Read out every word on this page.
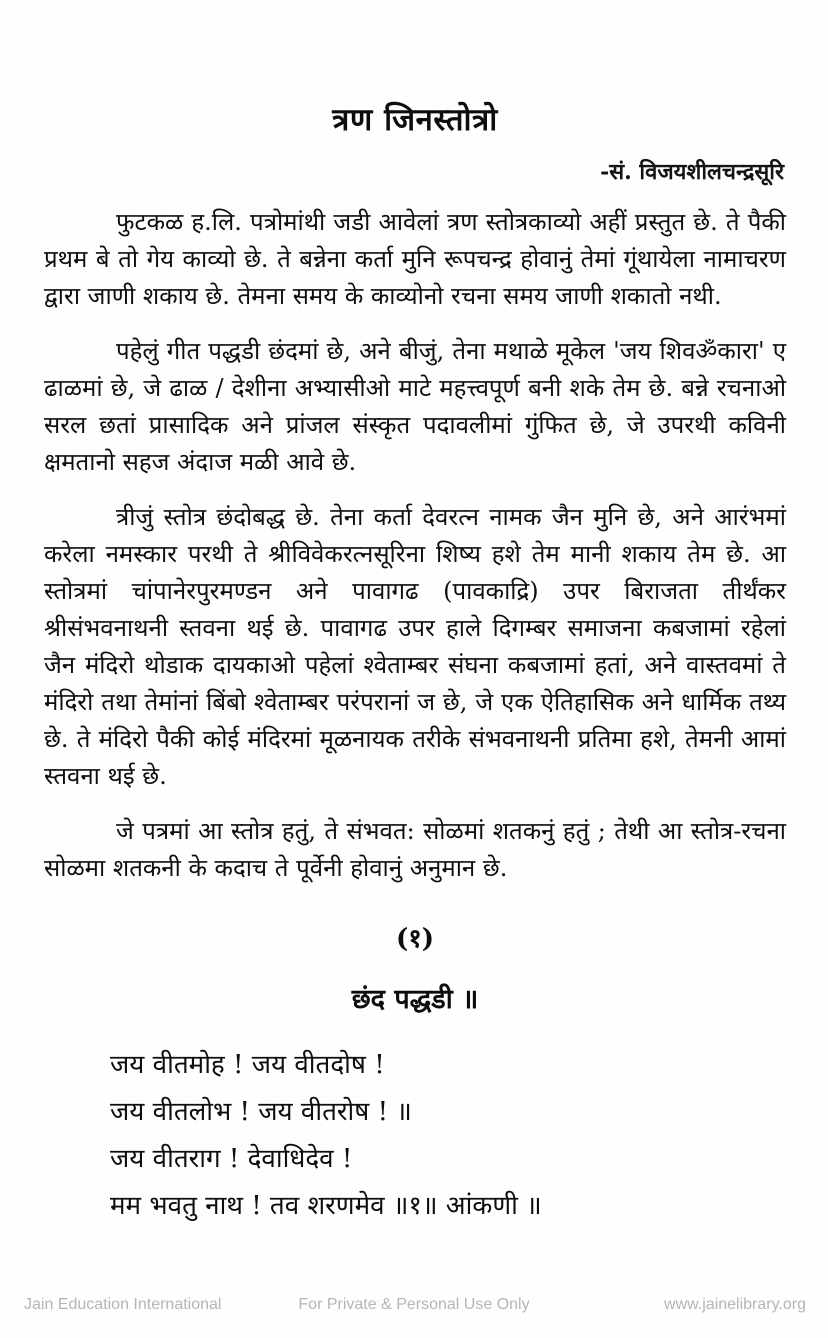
त्रण जिनस्तोत्रो
-सं. विजयशीलचन्द्रसूरि

फुटकळ ह.लि. पत्रोमांथी जडी आवेलां त्रण स्तोत्रकाव्यो अहीं प्रस्तुत छे. ते पैकी प्रथम बे तो गेय काव्यो छे. ते बन्नेना कर्ता मुनि रूपचन्द्र होवानुं तेमां गूंथायेला नामाचरण द्वारा जाणी शकाय छे. तेमना समय के काव्योनो रचना समय जाणी शकातो नथी.

पहेलुं गीत पद्धडी छंदमां छे, अने बीजुं, तेना मथाळे मूकेल 'जय शिवॐकारा' ए ढाळमां छे, जे ढाळ / देशीना अभ्यासीओ माटे महत्त्वपूर्ण बनी शके तेम छे. बन्ने रचनाओ सरल छतां प्रासादिक अने प्रांजल संस्कृत पदावलीमां गुंफित छे, जे उपरथी कविनी क्षमतानो सहज अंदाज मळी आवे छे.

त्रीजुं स्तोत्र छंदोबद्ध छे. तेना कर्ता देवरत्न नामक जैन मुनि छे, अने आरंभमां करेला नमस्कार परथी ते श्रीविवेकरत्नसूरिना शिष्य हशे तेम मानी शकाय तेम छे. आ स्तोत्रमां चांपानेरपुरमण्डन अने पावागढ (पावकाद्रि) उपर बिराजता तीर्थंकर श्रीसंभवनाथनी स्तवना थई छे. पावागढ उपर हाले दिगम्बर समाजना कबजामां रहेलां जैन मंदिरो थोडाक दायकाओ पहेलां श्वेताम्बर संघना कबजामां हतां, अने वास्तवमां ते मंदिरो तथा तेमांनां बिंबो श्वेताम्बर परंपरानां ज छे, जे एक ऐतिहासिक अने धार्मिक तथ्य छे. ते मंदिरो पैकी कोई मंदिरमां मूळनायक तरीके संभवनाथनी प्रतिमा हशे, तेमनी आमां स्तवना थई छे.

जे पत्रमां आ स्तोत्र हतुं, ते संभवत: सोळमां शतकनुं हतुं ; तेथी आ स्तोत्र-रचना सोळमा शतकनी के कदाच ते पूर्वेनी होवानुं अनुमान छे.

(१)
छंद पद्धडी ॥

जय वीतमोह ! जय वीतदोष !

जय वीतलोभ ! जय वीतरोष ! ॥

जय वीतराग ! देवाधिदेव !

मम भवतु नाथ ! तव शरणमेव ॥१॥ आंकणी ॥

Jain Education International	For Private & Personal Use Only	www.jainelibrary.org
